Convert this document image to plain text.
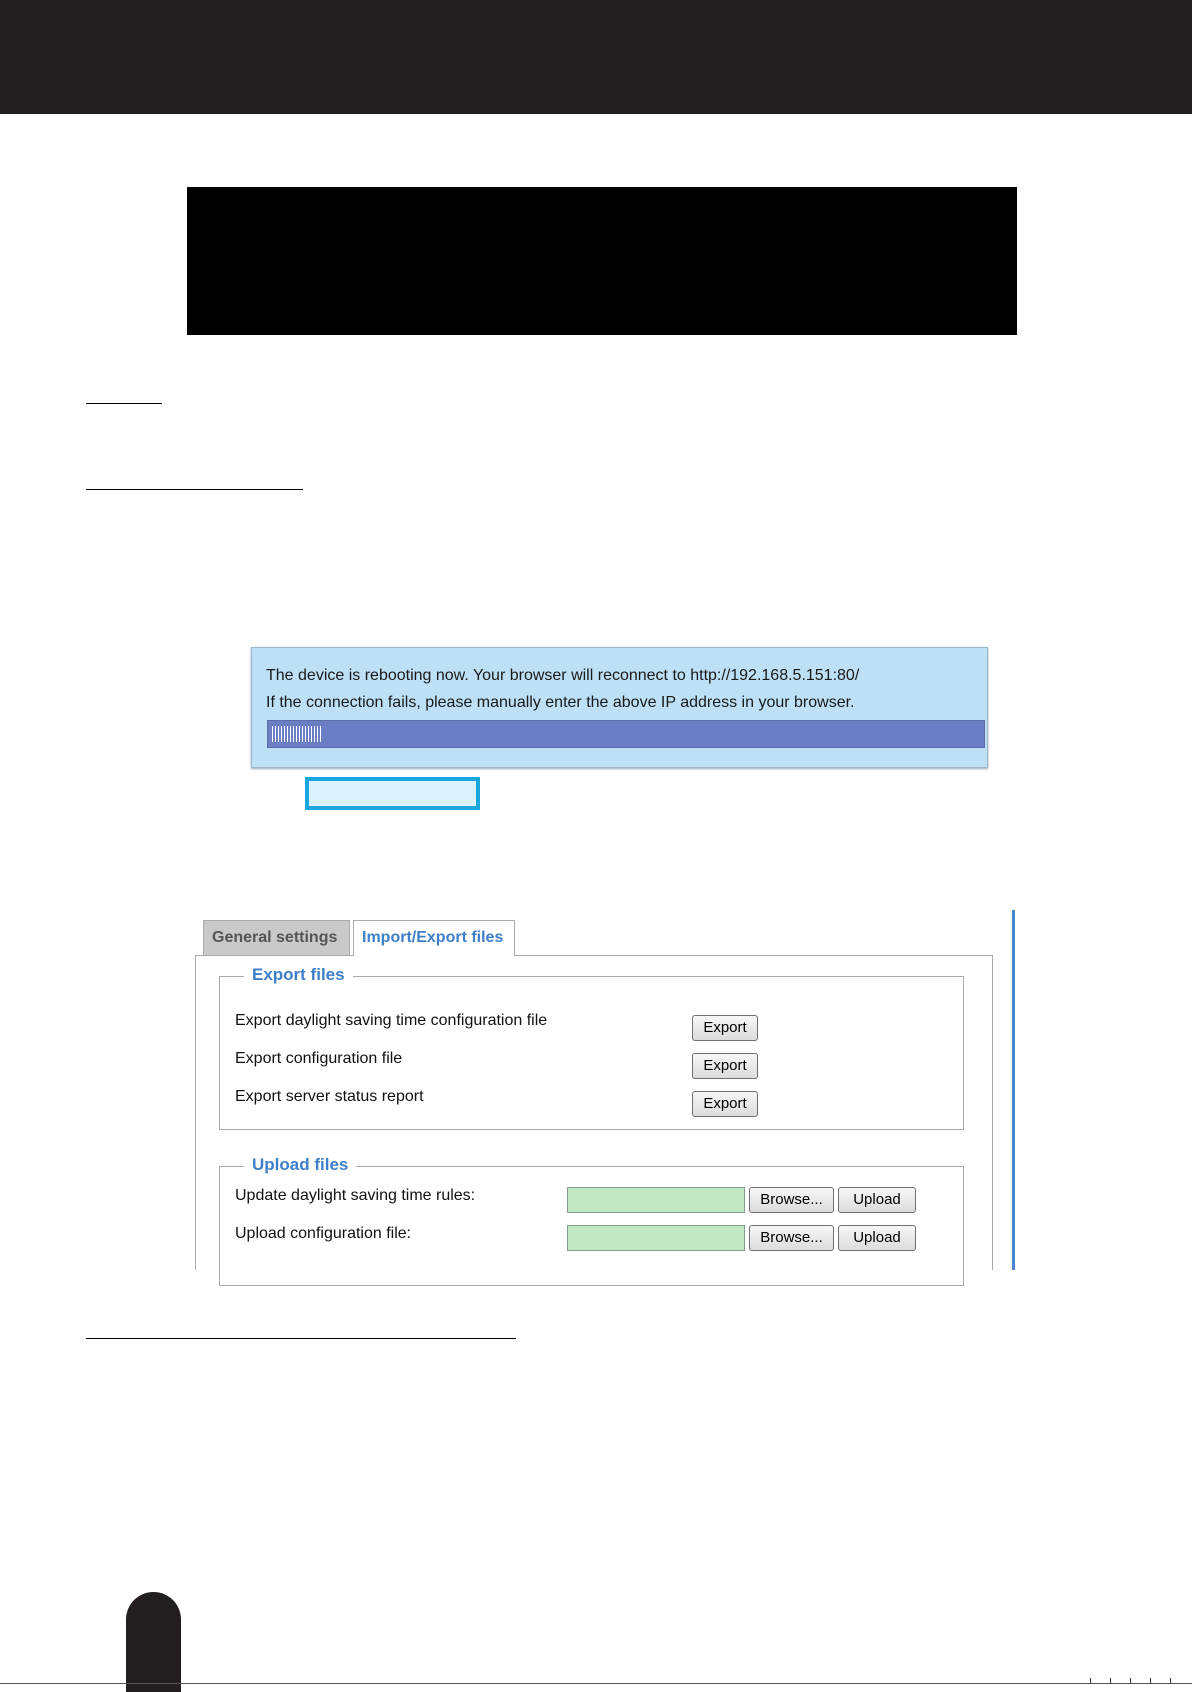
The device is rebooting now. Your browser will reconnect to http://192.168.5.151:80/
If the connection fails, please manually enter the above IP address in your browser.
General settings	Import/Export files
Export files
Export daylight saving time configuration file	Export
Export configuration file	Export
Export server status report	Export
Upload files
Update daylight saving time rules:	Browse...	Upload
Upload configuration file:	Browse...	Upload
